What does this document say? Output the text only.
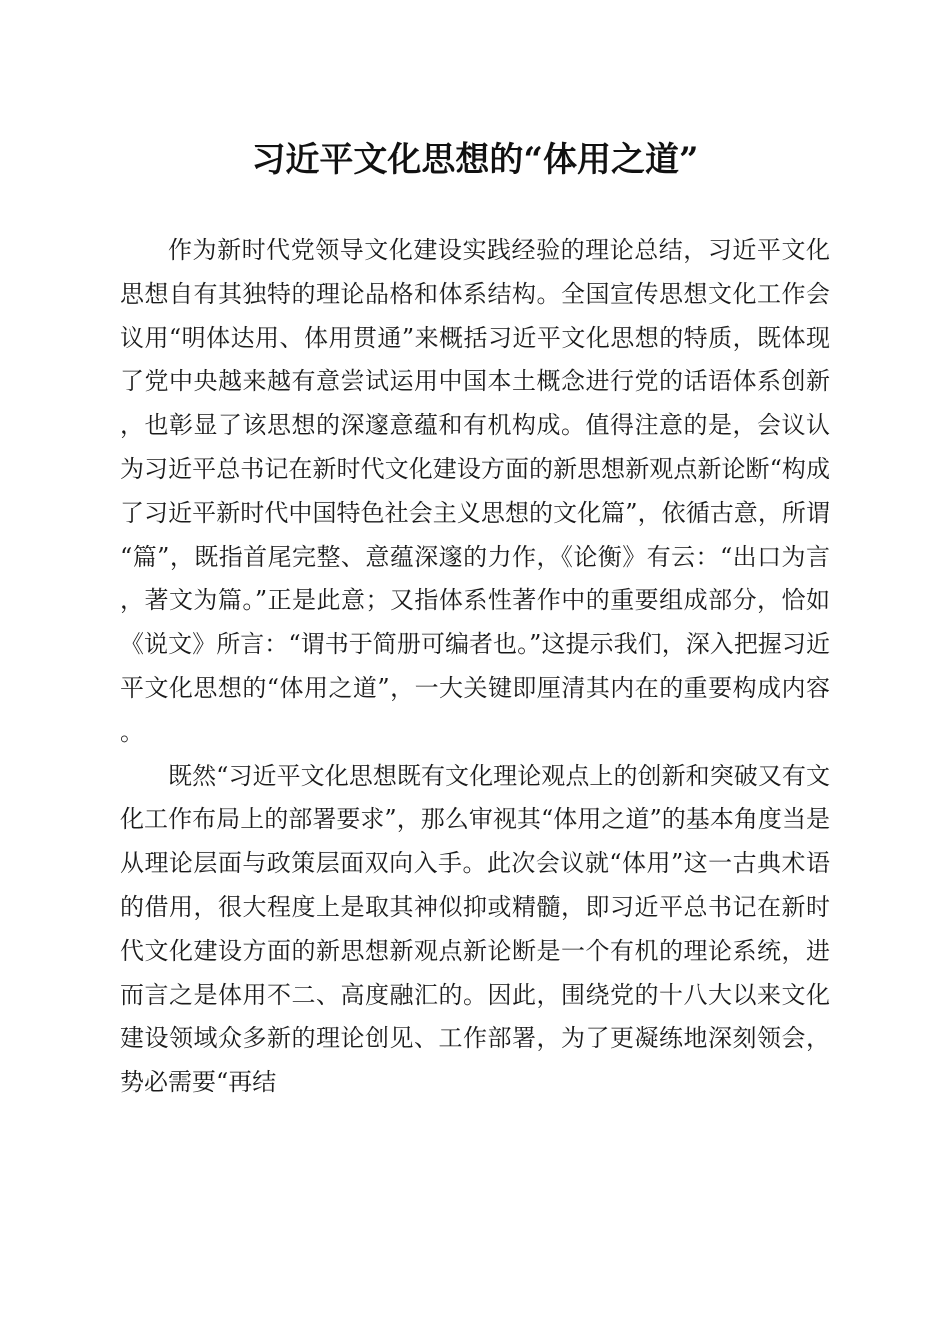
习近平文化思想的“体用之道”

作为新时代党领导文化建设实践经验的理论总结，习近平文化思想自有其独特的理论品格和体系结构。全国宣传思想文化工作会议用“明体达用、体用贯通”来概括习近平文化思想的特质，既体现了党中央越来越有意尝试运用中国本土概念进行党的话语体系创新，也彰显了该思想的深邃意蕴和有机构成。值得注意的是，会议认为习近平总书记在新时代文化建设方面的新思想新观点新论断“构成了习近平新时代中国特色社会主义思想的文化篇”，依循古意，所谓“篇”，既指首尾完整、意蕴深邃的力作，《论衡》有云：“出口为言，著文为篇。”正是此意；又指体系性著作中的重要组成部分，恰如《说文》所言：“谓书于简册可编者也。”这提示我们，深入把握习近平文化思想的“体用之道”，一大关键即厘清其内在的重要构成内容。

既然“习近平文化思想既有文化理论观点上的创新和突破又有文化工作布局上的部署要求”，那么审视其“体用之道”的基本角度当是从理论层面与政策层面双向入手。此次会议就“体用”这一古典术语的借用，很大程度上是取其神似抑或精髓，即习近平总书记在新时代文化建设方面的新思想新观点新论断是一个有机的理论系统，进而言之是体用不二、高度融汇的。因此，围绕党的十八大以来文化建设领域众多新的理论创见、工作部署，为了更凝练地深刻领会，势必需要“再结
